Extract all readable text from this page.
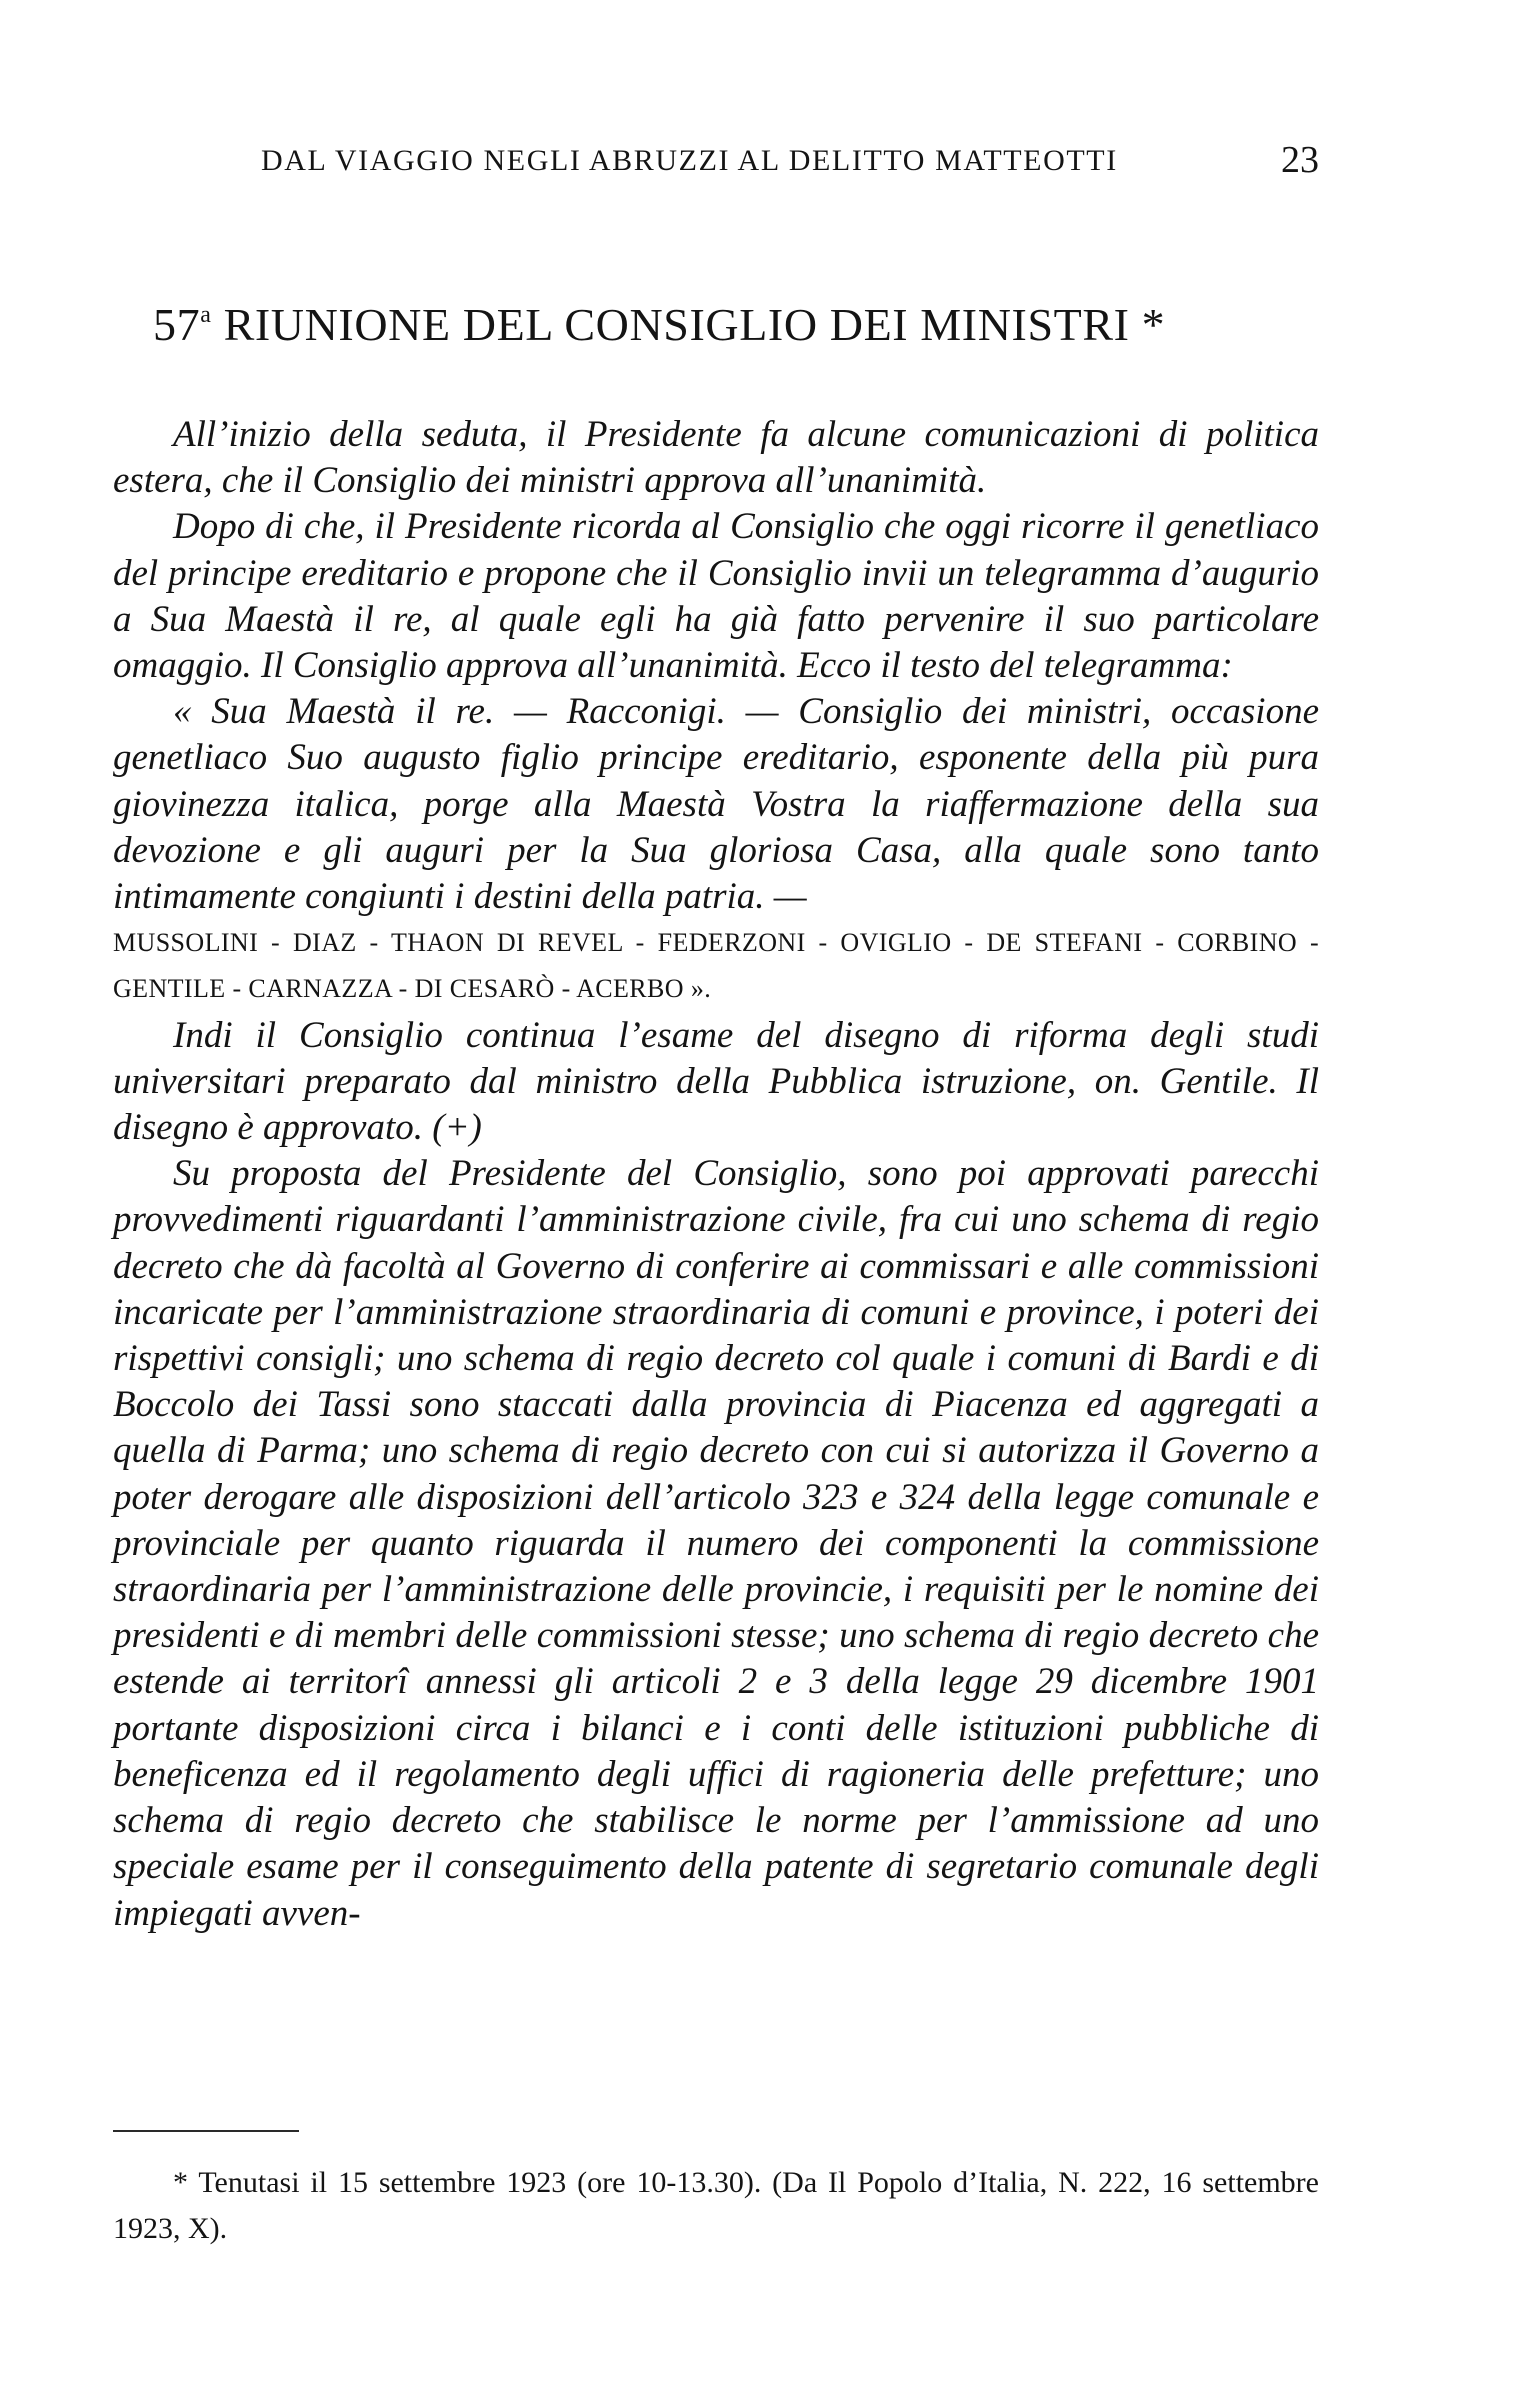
DAL VIAGGIO NEGLI ABRUZZI AL DELITTO MATTEOTTI	23
57$^a$ RIUNIONE DEL CONSIGLIO DEI MINISTRI *

All’inizio della seduta, il Presidente fa alcune comunicazioni di politica estera, che il Consiglio dei ministri approva all’unanimità.

Dopo di che, il Presidente ricorda al Consiglio che oggi ricorre il genetliaco del principe ereditario e propone che il Consiglio invii un telegramma d’augurio a Sua Maestà il re, al quale egli ha già fatto pervenire il suo particolare omaggio. Il Consiglio approva all’unanimità. Ecco il testo del telegramma:

« Sua Maestà il re. — Racconigi. — Consiglio dei ministri, occasione genetliaco Suo augusto figlio principe ereditario, esponente della più pura giovinezza italica, porge alla Maestà Vostra la riaffermazione della sua devozione e gli auguri per la Sua gloriosa Casa, alla quale sono tanto intimamente congiunti i destini della patria. —

MUSSOLINI - DIAZ - THAON DI REVEL - FEDERZONI - OVIGLIO - DE STEFANI - CORBINO - GENTILE - CARNAZZA - DI CESARÒ - ACERBO ».

Indi il Consiglio continua l’esame del disegno di riforma degli studi universitari preparato dal ministro della Pubblica istruzione, on. Gentile. Il disegno è approvato. (+)

Su proposta del Presidente del Consiglio, sono poi approvati parecchi provvedimenti riguardanti l’amministrazione civile, fra cui uno schema di regio decreto che dà facoltà al Governo di conferire ai commissari e alle commissioni incaricate per l’amministrazione straordinaria di comuni e province, i poteri dei rispettivi consigli; uno schema di regio decreto col quale i comuni di Bardi e di Boccolo dei Tassi sono staccati dalla provincia di Piacenza ed aggregati a quella di Parma; uno schema di regio decreto con cui si autorizza il Governo a poter derogare alle disposizioni dell’articolo 323 e 324 della legge comunale e provinciale per quanto riguarda il numero dei componenti la commissione straordinaria per l’amministrazione delle provincie, i requisiti per le nomine dei presidenti e di membri delle commissioni stesse; uno schema di regio decreto che estende ai territorî annessi gli articoli 2 e 3 della legge 29 dicembre 1901 portante disposizioni circa i bilanci e i conti delle istituzioni pubbliche di beneficenza ed il regolamento degli uffici di ragioneria delle prefetture; uno schema di regio decreto che stabilisce le norme per l’ammissione ad uno speciale esame per il conseguimento della patente di segretario comunale degli impiegati avven-

* Tenutasi il 15 settembre 1923 (ore 10-13.30). (Da Il Popolo d’Italia, N. 222, 16 settembre 1923, X).
